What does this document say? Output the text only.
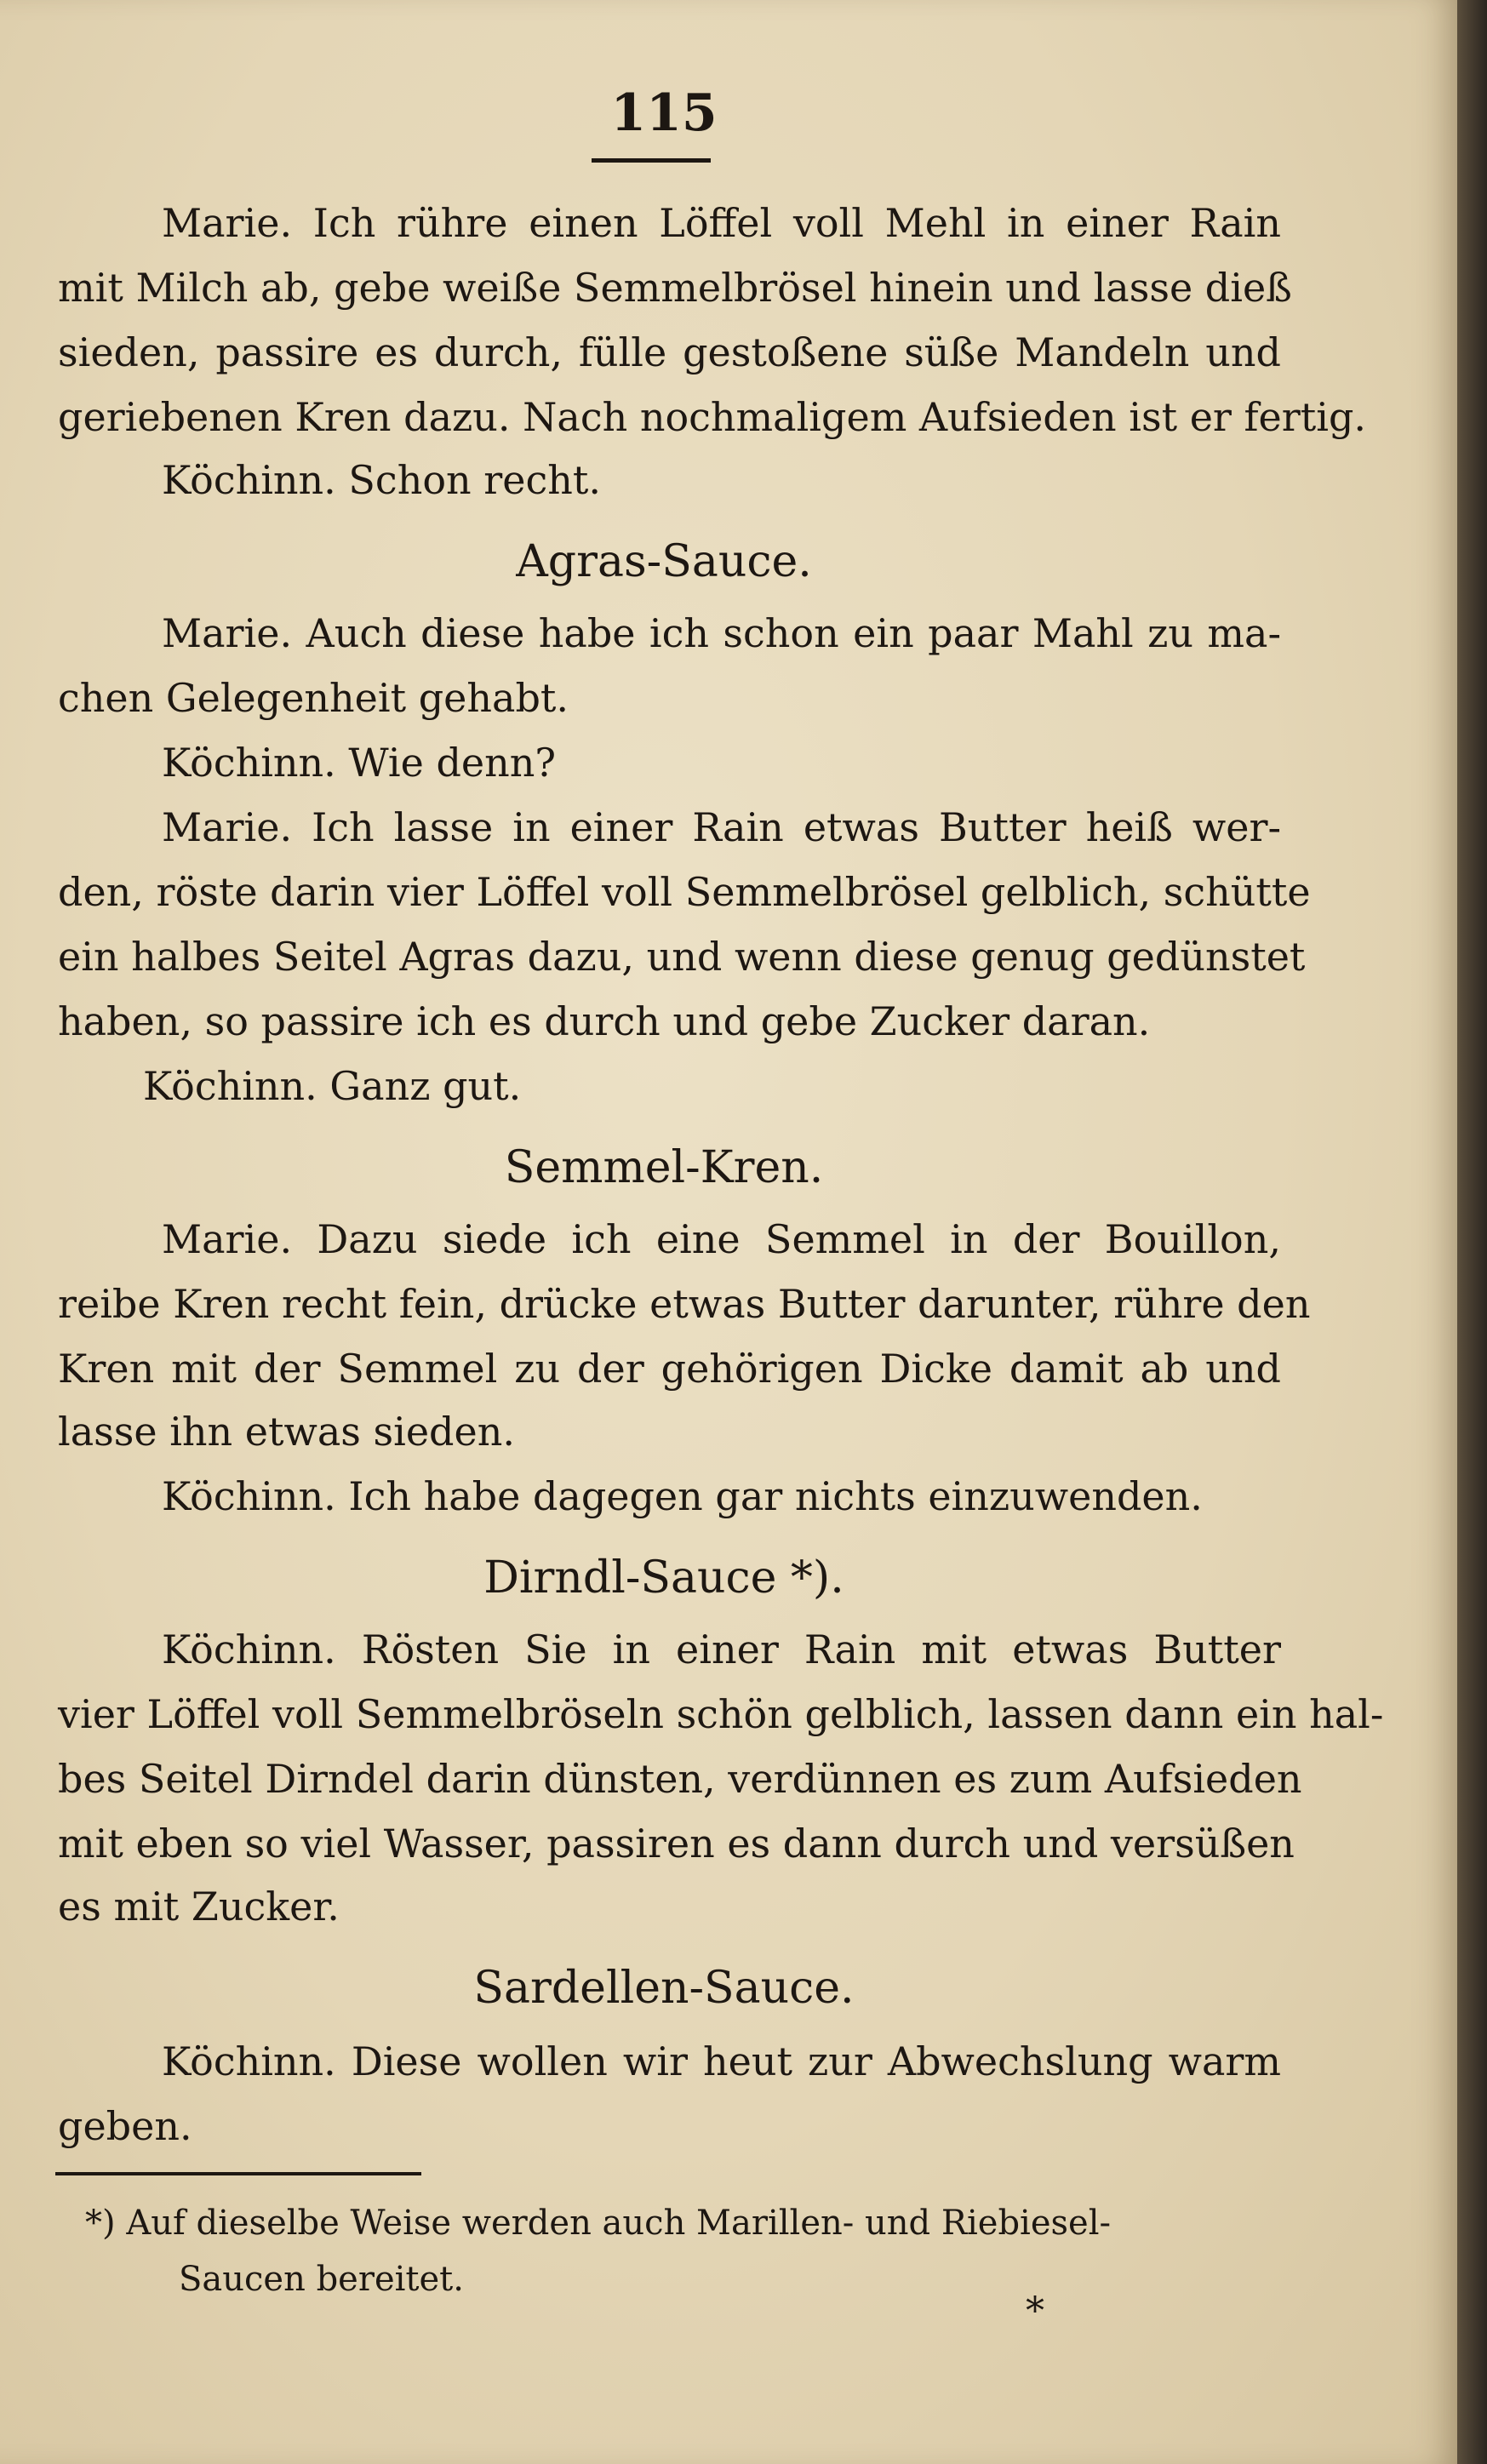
115
Marie. Ich rühre einen Löffel voll Mehl in einer Rain
mit Milch ab, gebe weiße Semmelbrösel hinein und lasse dieß
sieden, passire es durch, fülle gestoßene süße Mandeln und
geriebenen Kren dazu. Nach nochmaligem Aufsieden ist er fertig.
Köchinn. Schon recht.
Agras-Sauce.
Marie. Auch diese habe ich schon ein paar Mahl zu ma-
chen Gelegenheit gehabt.
Köchinn. Wie denn?
Marie. Ich lasse in einer Rain etwas Butter heiß wer-
den, röste darin vier Löffel voll Semmelbrösel gelblich, schütte
ein halbes Seitel Agras dazu, und wenn diese genug gedünstet
haben, so passire ich es durch und gebe Zucker daran.
Köchinn. Ganz gut.
Semmel-Kren.
Marie. Dazu siede ich eine Semmel in der Bouillon,
reibe Kren recht fein, drücke etwas Butter darunter, rühre den
Kren mit der Semmel zu der gehörigen Dicke damit ab und
lasse ihn etwas sieden.
Köchinn. Ich habe dagegen gar nichts einzuwenden.
Dirndl-Sauce *).
Köchinn. Rösten Sie in einer Rain mit etwas Butter
vier Löffel voll Semmelbröseln schön gelblich, lassen dann ein hal-
bes Seitel Dirndel darin dünsten, verdünnen es zum Aufsieden
mit eben so viel Wasser, passiren es dann durch und versüßen
es mit Zucker.
Sardellen-Sauce.
Köchinn. Diese wollen wir heut zur Abwechslung warm
geben.
*) Auf dieselbe Weise werden auch Marillen- und Riebiesel-
Saucen bereitet.
*
